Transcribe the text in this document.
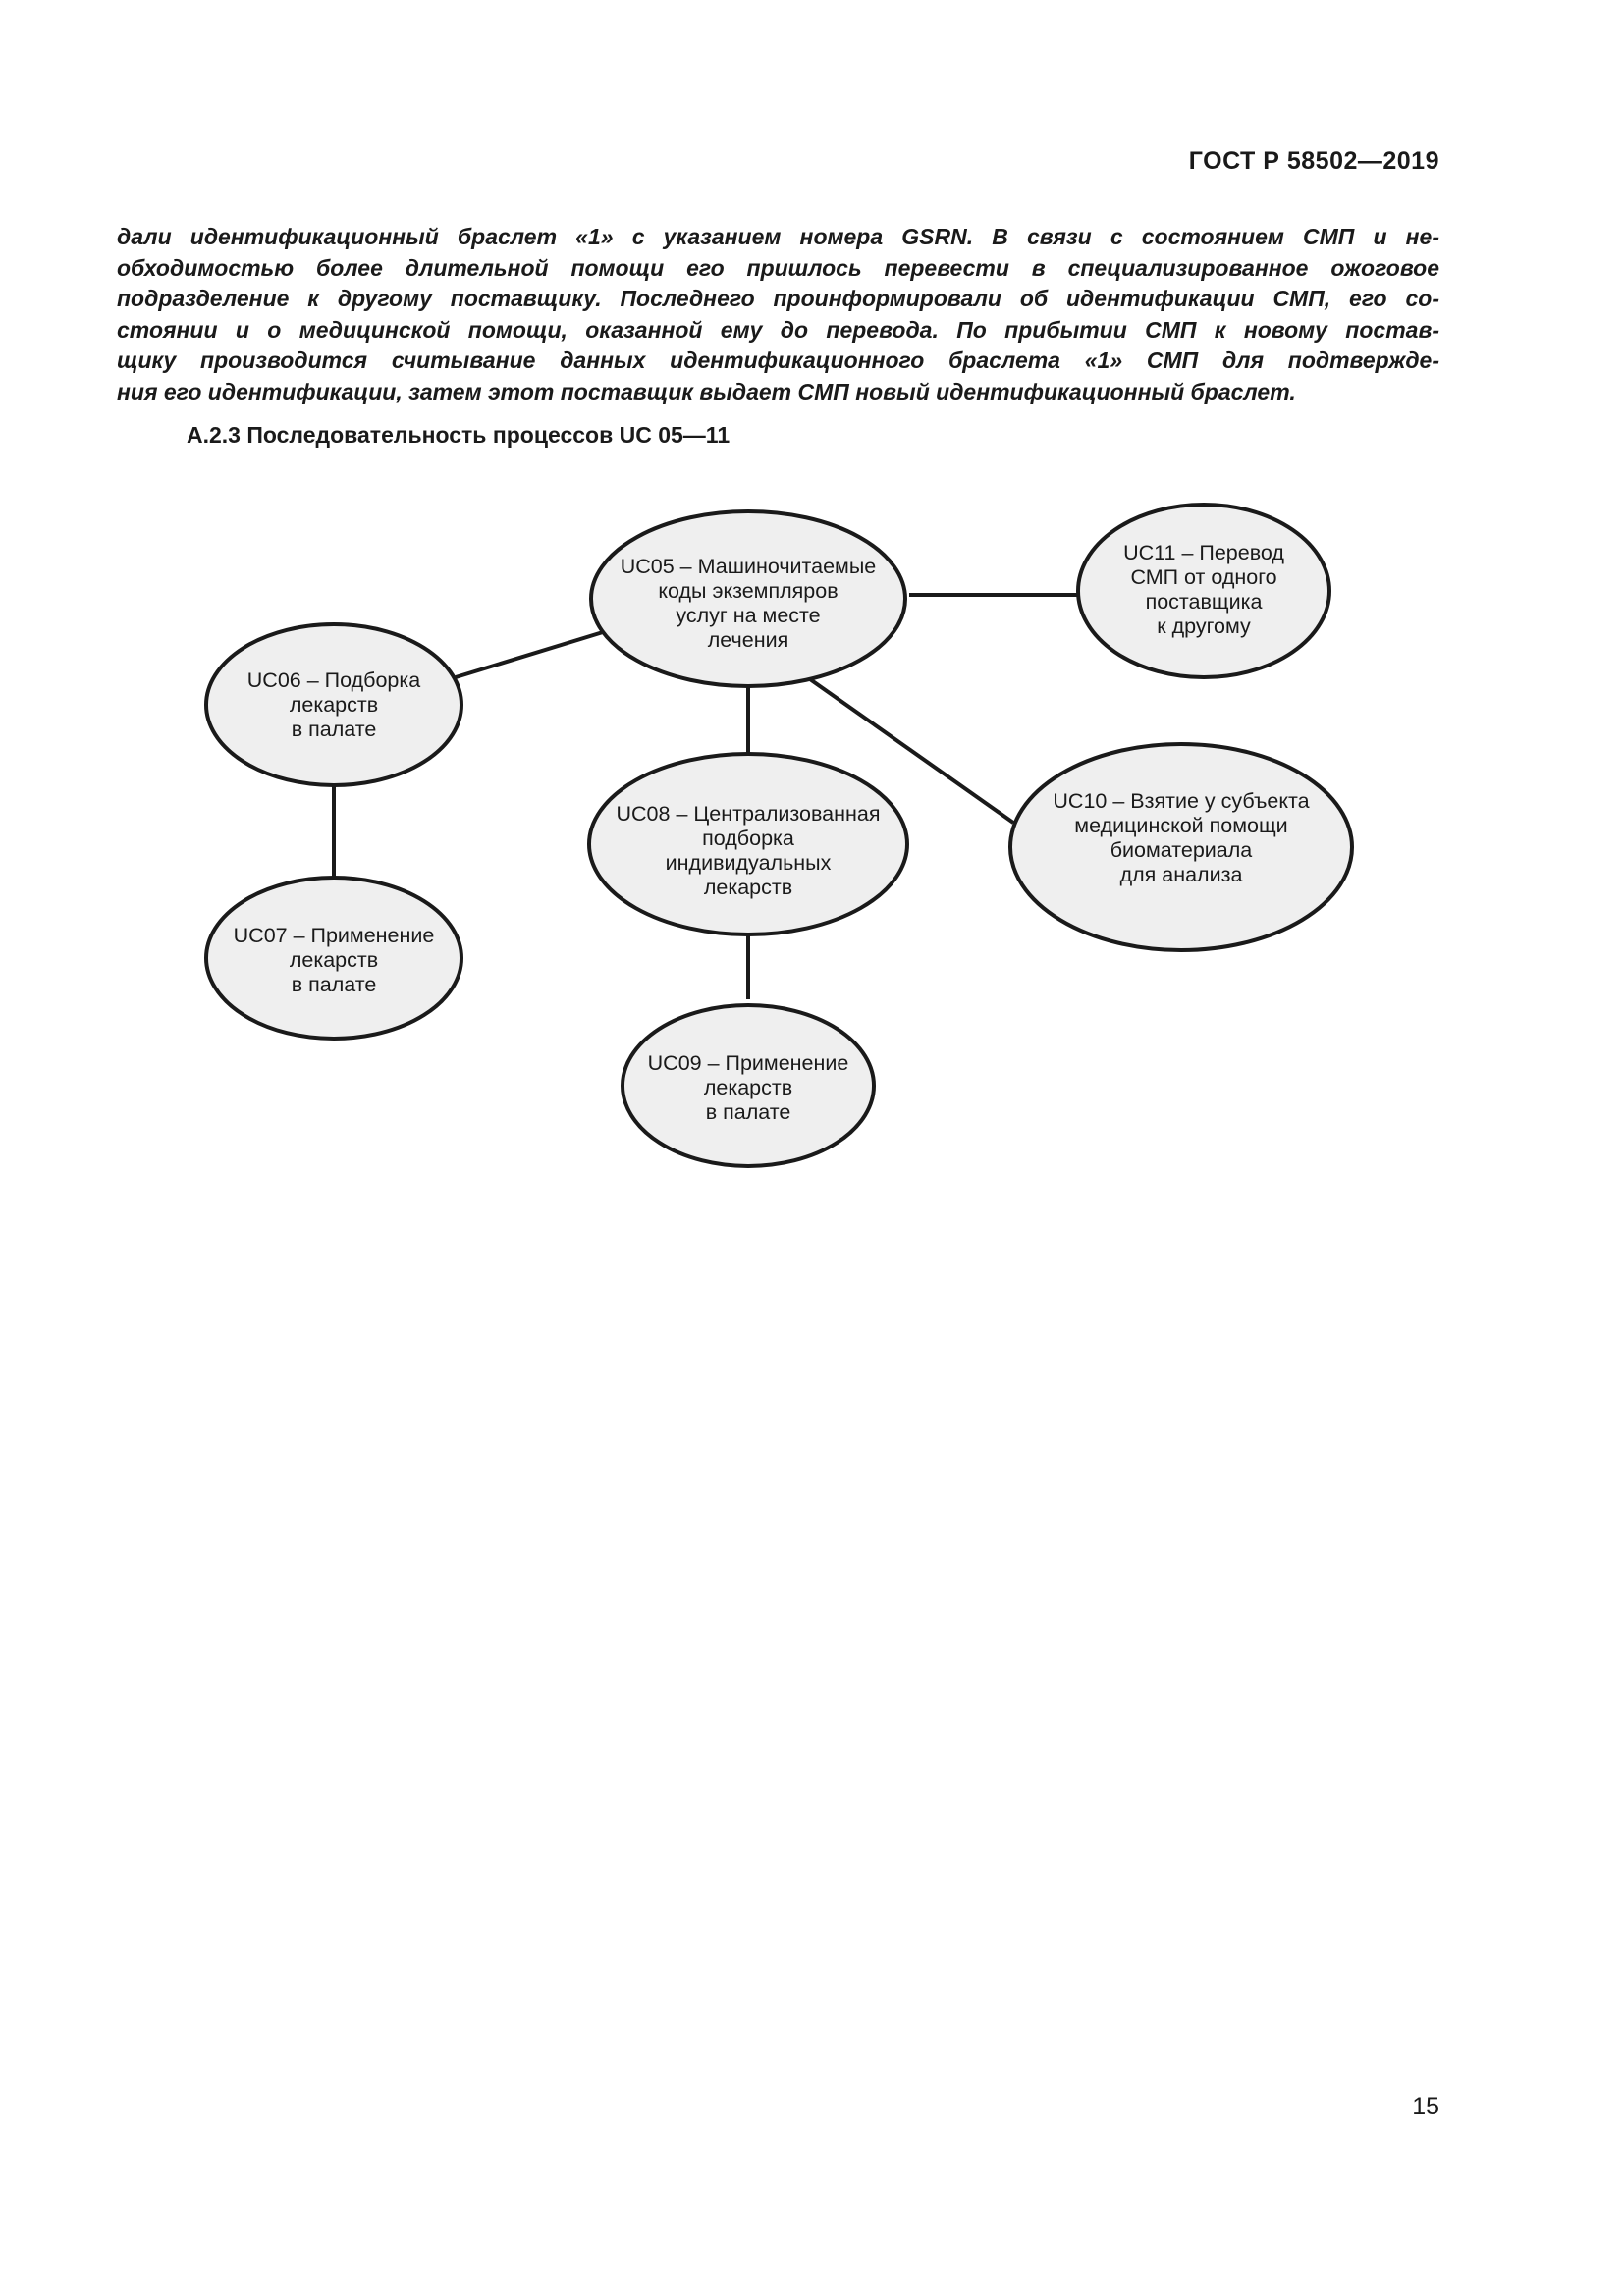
ГОСТ Р 58502—2019
дали идентификационный браслет «1» с указанием номера GSRN. В связи с состоянием СМП и не-
обходимостью более длительной помощи его пришлось перевести в специализированное ожоговое
подразделение к другому поставщику. Последнего проинформировали об идентификации СМП, его со-
стоянии и о медицинской помощи, оказанной ему до перевода. По прибытии СМП к новому постав-
щику производится считывание данных идентификационного браслета «1» СМП для подтвержде-
ния его идентификации, затем этот поставщик выдает СМП новый идентификационный браслет.
А.2.3 Последовательность процессов UC 05—11
UC05 – Машиночитаемые
коды экземпляров
услуг на месте
лечения
UC06 – Подборка
лекарств
в палате
UC07 – Применение
лекарств
в палате
UC08 – Централизованная
подборка
индивидуальных
лекарств
UC09 – Применение
лекарств
в палате
UC10 – Взятие у субъекта
медицинской помощи
биоматериала
для анализа
UC11 – Перевод
СМП от одного
поставщика
к другому
15
